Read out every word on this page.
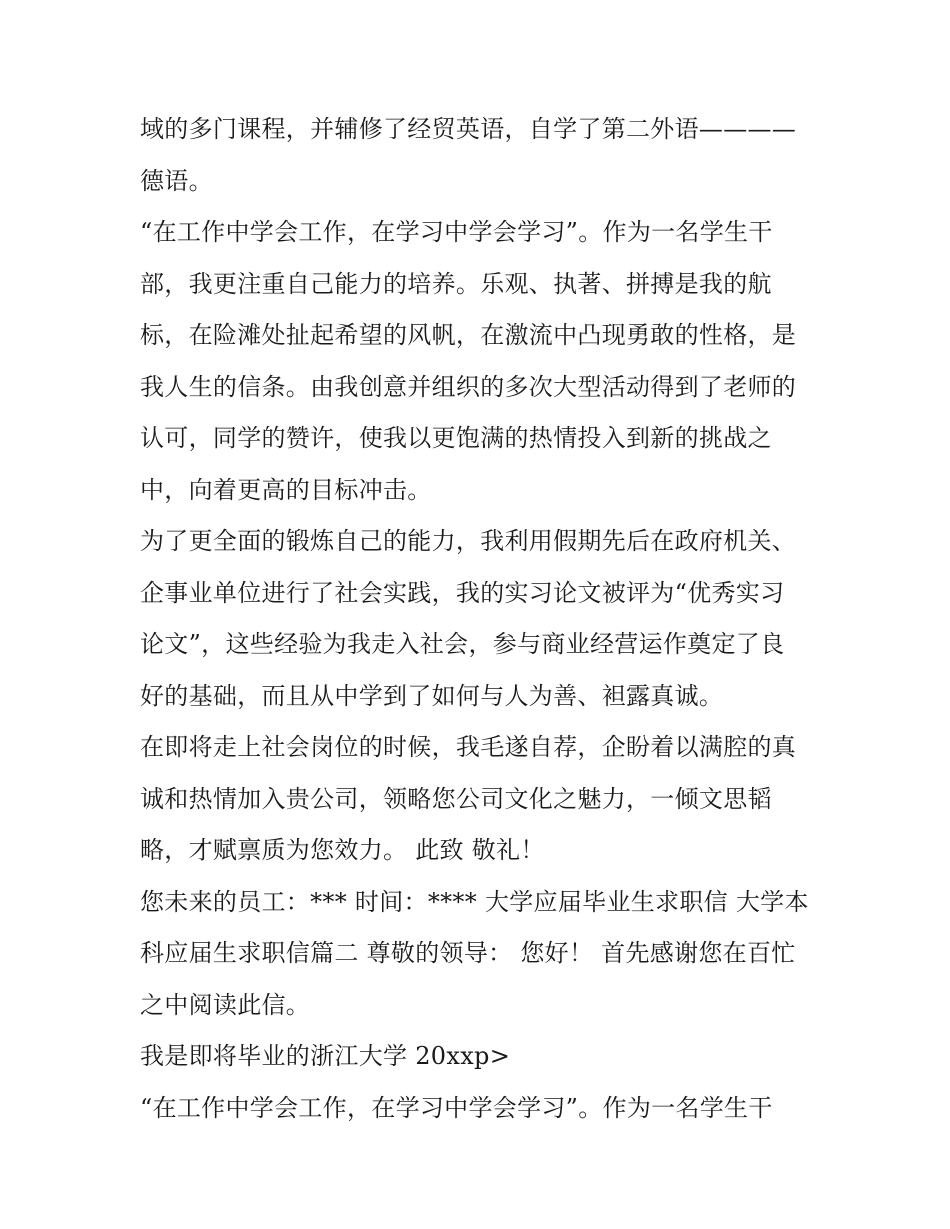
域的多门课程，并辅修了经贸英语，自学了第二外语————
德语。
“在工作中学会工作，在学习中学会学习”。作为一名学生干
部，我更注重自己能力的培养。乐观、执著、拼搏是我的航
标，在险滩处扯起希望的风帆，在激流中凸现勇敢的性格，是
我人生的信条。由我创意并组织的多次大型活动得到了老师的
认可，同学的赞许，使我以更饱满的热情投入到新的挑战之
中，向着更高的目标冲击。
为了更全面的锻炼自己的能力，我利用假期先后在政府机关、
企事业单位进行了社会实践，我的实习论文被评为“优秀实习
论文”，这些经验为我走入社会，参与商业经营运作奠定了良
好的基础，而且从中学到了如何与人为善、袒露真诚。
在即将走上社会岗位的时候，我毛遂自荐，企盼着以满腔的真
诚和热情加入贵公司，领略您公司文化之魅力，一倾文思韬
略，才赋禀质为您效力。 此致 敬礼！
您未来的员工：*** 时间：**** 大学应届毕业生求职信 大学本
科应届生求职信篇二 尊敬的领导： 您好！ 首先感谢您在百忙
之中阅读此信。
我是即将毕业的浙江大学 20xxp>
“在工作中学会工作，在学习中学会学习”。作为一名学生干
